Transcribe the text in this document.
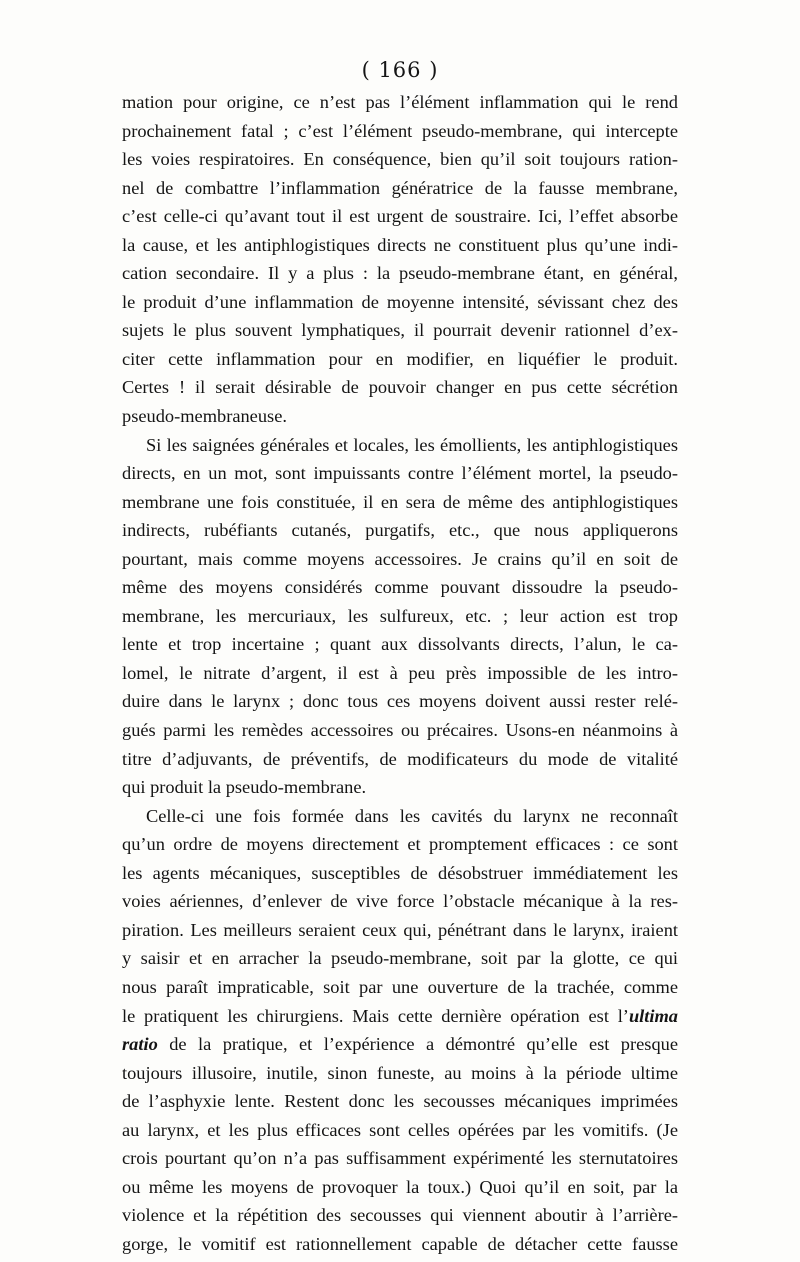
( 166 )
mation pour origine, ce n’est pas l’élément inflammation qui le rend
prochainement fatal ; c’est l’élément pseudo-membrane, qui intercepte
les voies respiratoires. En conséquence, bien qu’il soit toujours ration-
nel de combattre l’inflammation génératrice de la fausse membrane,
c’est celle-ci qu’avant tout il est urgent de soustraire. Ici, l’effet absorbe
la cause, et les antiphlogistiques directs ne constituent plus qu’une indi-
cation secondaire. Il y a plus : la pseudo-membrane étant, en général,
le produit d’une inflammation de moyenne intensité, sévissant chez des
sujets le plus souvent lymphatiques, il pourrait devenir rationnel d’ex-
citer cette inflammation pour en modifier, en liquéfier le produit.
Certes ! il serait désirable de pouvoir changer en pus cette sécrétion
pseudo-membraneuse.
Si les saignées générales et locales, les émollients, les antiphlogistiques
directs, en un mot, sont impuissants contre l’élément mortel, la pseudo-
membrane une fois constituée, il en sera de même des antiphlogistiques
indirects, rubéfiants cutanés, purgatifs, etc., que nous appliquerons
pourtant, mais comme moyens accessoires. Je crains qu’il en soit de
même des moyens considérés comme pouvant dissoudre la pseudo-
membrane, les mercuriaux, les sulfureux, etc. ; leur action est trop
lente et trop incertaine ; quant aux dissolvants directs, l’alun, le ca-
lomel, le nitrate d’argent, il est à peu près impossible de les intro-
duire dans le larynx ; donc tous ces moyens doivent aussi rester relé-
gués parmi les remèdes accessoires ou précaires. Usons-en néanmoins à
titre d’adjuvants, de préventifs, de modificateurs du mode de vitalité
qui produit la pseudo-membrane.
Celle-ci une fois formée dans les cavités du larynx ne reconnaît
qu’un ordre de moyens directement et promptement efficaces : ce sont
les agents mécaniques, susceptibles de désobstruer immédiatement les
voies aériennes, d’enlever de vive force l’obstacle mécanique à la res-
piration. Les meilleurs seraient ceux qui, pénétrant dans le larynx, iraient
y saisir et en arracher la pseudo-membrane, soit par la glotte, ce qui
nous paraît impraticable, soit par une ouverture de la trachée, comme
le pratiquent les chirurgiens. Mais cette dernière opération est l’ultima
ratio de la pratique, et l’expérience a démontré qu’elle est presque
toujours illusoire, inutile, sinon funeste, au moins à la période ultime
de l’asphyxie lente. Restent donc les secousses mécaniques imprimées
au larynx, et les plus efficaces sont celles opérées par les vomitifs. (Je
crois pourtant qu’on n’a pas suffisamment expérimenté les sternutatoires
ou même les moyens de provoquer la toux.) Quoi qu’il en soit, par la
violence et la répétition des secousses qui viennent aboutir à l’arrière-
gorge, le vomitif est rationnellement capable de détacher cette fausse
